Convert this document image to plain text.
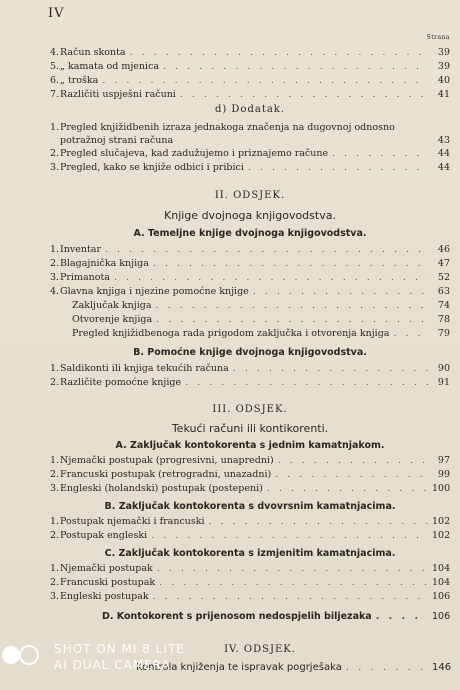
IV
Strana
4. Račun skonta . . .	39
5. „ kamata od mjenica . . .	39
6. „ troška . . .	40
7. Različiti uspješni računi . . .	41
d) Dodatak.
1. Pregled knjižidbenih izraza jednakoga značenja na dugovnoj odnosno potražnoj strani računa	43
2. Pregled slučajeva, kad zadužujemo i priznajemo račune . . .	44
3. Pregled, kako se knjiže odbici i pribici . . .	44
II. ODSJEK.
Knjige dvojnoga knjigovodstva.
A. Temeljne knjige dvojnoga knjigovodstva.
1. Inventar . . .	46
2. Blagajnička knjiga . . .	47
3. Primanota . . .	52
4. Glavna knjiga i njezine pomoćne knjige . . .	63
Zaključak knjiga . . .	74
Otvorenje knjiga . . .	78
Pregled knjižidbenoga rada prigodom zaključka i otvorenja knjiga . . .	79
B. Pomoćne knjige dvojnoga knjigovodstva.
1. Saldikonti ili knjiga tekućih računa . . .	90
2. Različite pomoćne knjige . . .	91
III. ODSJEK.
Tekući računi ili kontikorenti.
A. Zaključak kontokorenta s jednim kamatnjakom.
1. Njemački postupak (progresivni, unapredni) . . .	97
2. Francuski postupak (retrogradni, unazadni) . . .	99
3. Engleski (holandski) postupak (postepeni) . . .	100
B. Zaključak kontokorenta s dvovrsnim kamatnjacima.
1. Postupak njemački i francuski . . .	102
2. Postupak engleski . . .	102
C. Zaključak kontokorenta s izmjenitim kamatnjacima.
1. Njemački postupak . . .	104
2. Francuski postupak . . .	104
3. Engleski postupak . . .	106
D. Kontokorent s prijenosom nedospjelih biljezaka . . .	106
IV. ODSJEK.
Kontrola knjiženja te ispravak pogrješaka . . .	146
SHOT ON MI 8 LITE
AI DUAL CAMERA
